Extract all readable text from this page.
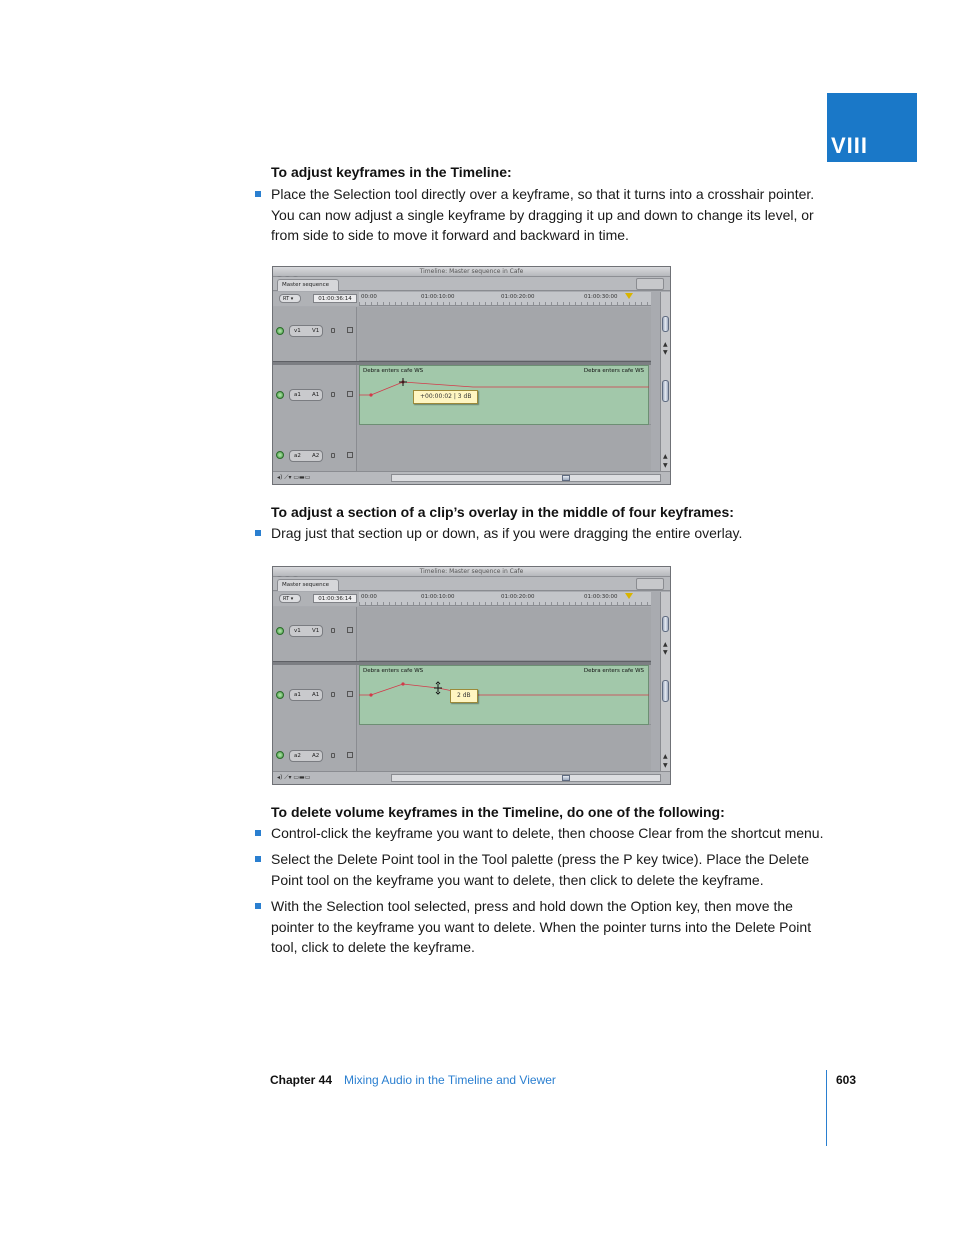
VIII
To adjust keyframes in the Timeline:
Place the Selection tool directly over a keyframe, so that it turns into a crosshair pointer. You can now adjust a single keyframe by dragging it up and down to change its level, or from side to side to move it forward and backward in time.
Timeline: Master sequence in Cafe
Master sequence
RT ▾	01:00:36:14	00:00	01:00:10:00	01:00:20:00	01:00:30:00
v1 V1
Debra enters cafe WS	Debra enters cafe WS
a1 A1	+00:00:02 | 3 dB
a2 A2
▲
▼
▲
▼
◂) ⟋▾ ▭▬▭
To adjust a section of a clip’s overlay in the middle of four keyframes:
Drag just that section up or down, as if you were dragging the entire overlay.
Timeline: Master sequence in Cafe
Master sequence
RT ▾	01:00:36:14	00:00	01:00:10:00	01:00:20:00	01:00:30:00
v1 V1
Debra enters cafe WS	Debra enters cafe WS
a1 A1	2 dB
a2 A2
▲
▼
▲
▼
◂) ⟋▾ ▭▬▭
To delete volume keyframes in the Timeline, do one of the following:
Control-click the keyframe you want to delete, then choose Clear from the shortcut menu.
Select the Delete Point tool in the Tool palette (press the P key twice). Place the Delete Point tool on the keyframe you want to delete, then click to delete the keyframe.
With the Selection tool selected, press and hold down the Option key, then move the pointer to the keyframe you want to delete. When the pointer turns into the Delete Point tool, click to delete the keyframe.
Chapter 44 Mixing Audio in the Timeline and Viewer	603
